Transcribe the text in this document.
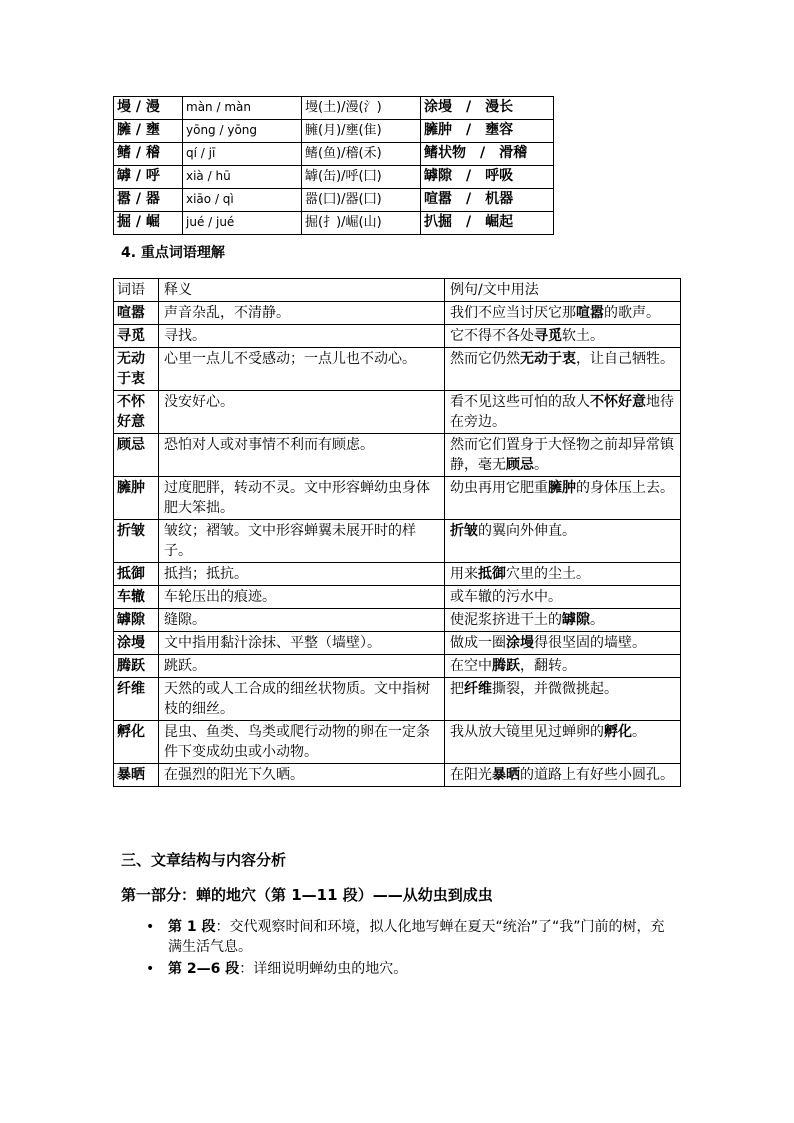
墁 / 漫	màn / màn	墁(土)/漫(氵)	涂墁　/　漫长
臃 / 壅	yōng / yōng	臃(月)/壅(隹)	臃肿　/　壅容
鳍 / 稽	qí / jī	鳍(鱼)/稽(禾)	鳍状物　/　滑稽
罅 / 呼	xià / hū	罅(缶)/呼(囗)	罅隙　/　呼吸
嚣 / 器	xiāo / qì	嚣(囗)/器(囗)	喧嚣　/　机器
掘 / 崛	jué / jué	掘(扌)/崛(山)	扒掘　/　崛起
4. 重点词语理解
词语	释义	例句/文中用法
喧嚣	声音杂乱，不清静。	我们不应当讨厌它那喧嚣的歌声。
寻觅	寻找。	它不得不各处寻觅软土。
无动于衷	心里一点儿不受感动；一点儿也不动心。	然而它仍然无动于衷，让自己牺牲。
不怀好意	没安好心。	看不见这些可怕的敌人不怀好意地待在旁边。
顾忌	恐怕对人或对事情不利而有顾虑。	然而它们置身于大怪物之前却异常镇静，毫无顾忌。
臃肿	过度肥胖，转动不灵。文中形容蝉幼虫身体肥大笨拙。	幼虫再用它肥重臃肿的身体压上去。
折皱	皱纹；褶皱。文中形容蝉翼未展开时的样子。	折皱的翼向外伸直。
抵御	抵挡；抵抗。	用来抵御穴里的尘土。
车辙	车轮压出的痕迹。	或车辙的污水中。
罅隙	缝隙。	使泥浆挤进干土的罅隙。
涂墁	文中指用黏汁涂抹、平整（墙壁）。	做成一圈涂墁得很坚固的墙壁。
腾跃	跳跃。	在空中腾跃，翻转。
纤维	天然的或人工合成的细丝状物质。文中指树枝的细丝。	把纤维撕裂，并微微挑起。
孵化	昆虫、鱼类、鸟类或爬行动物的卵在一定条件下变成幼虫或小动物。	我从放大镜里见过蝉卵的孵化。
暴晒	在强烈的阳光下久晒。	在阳光暴晒的道路上有好些小圆孔。
三、文章结构与内容分析
第一部分：蝉的地穴（第 1—11 段）——从幼虫到成虫
• 第 1 段：交代观察时间和环境，拟人化地写蝉在夏天“统治”了“我”门前的树，充满生活气息。
• 第 2—6 段：详细说明蝉幼虫的地穴。
